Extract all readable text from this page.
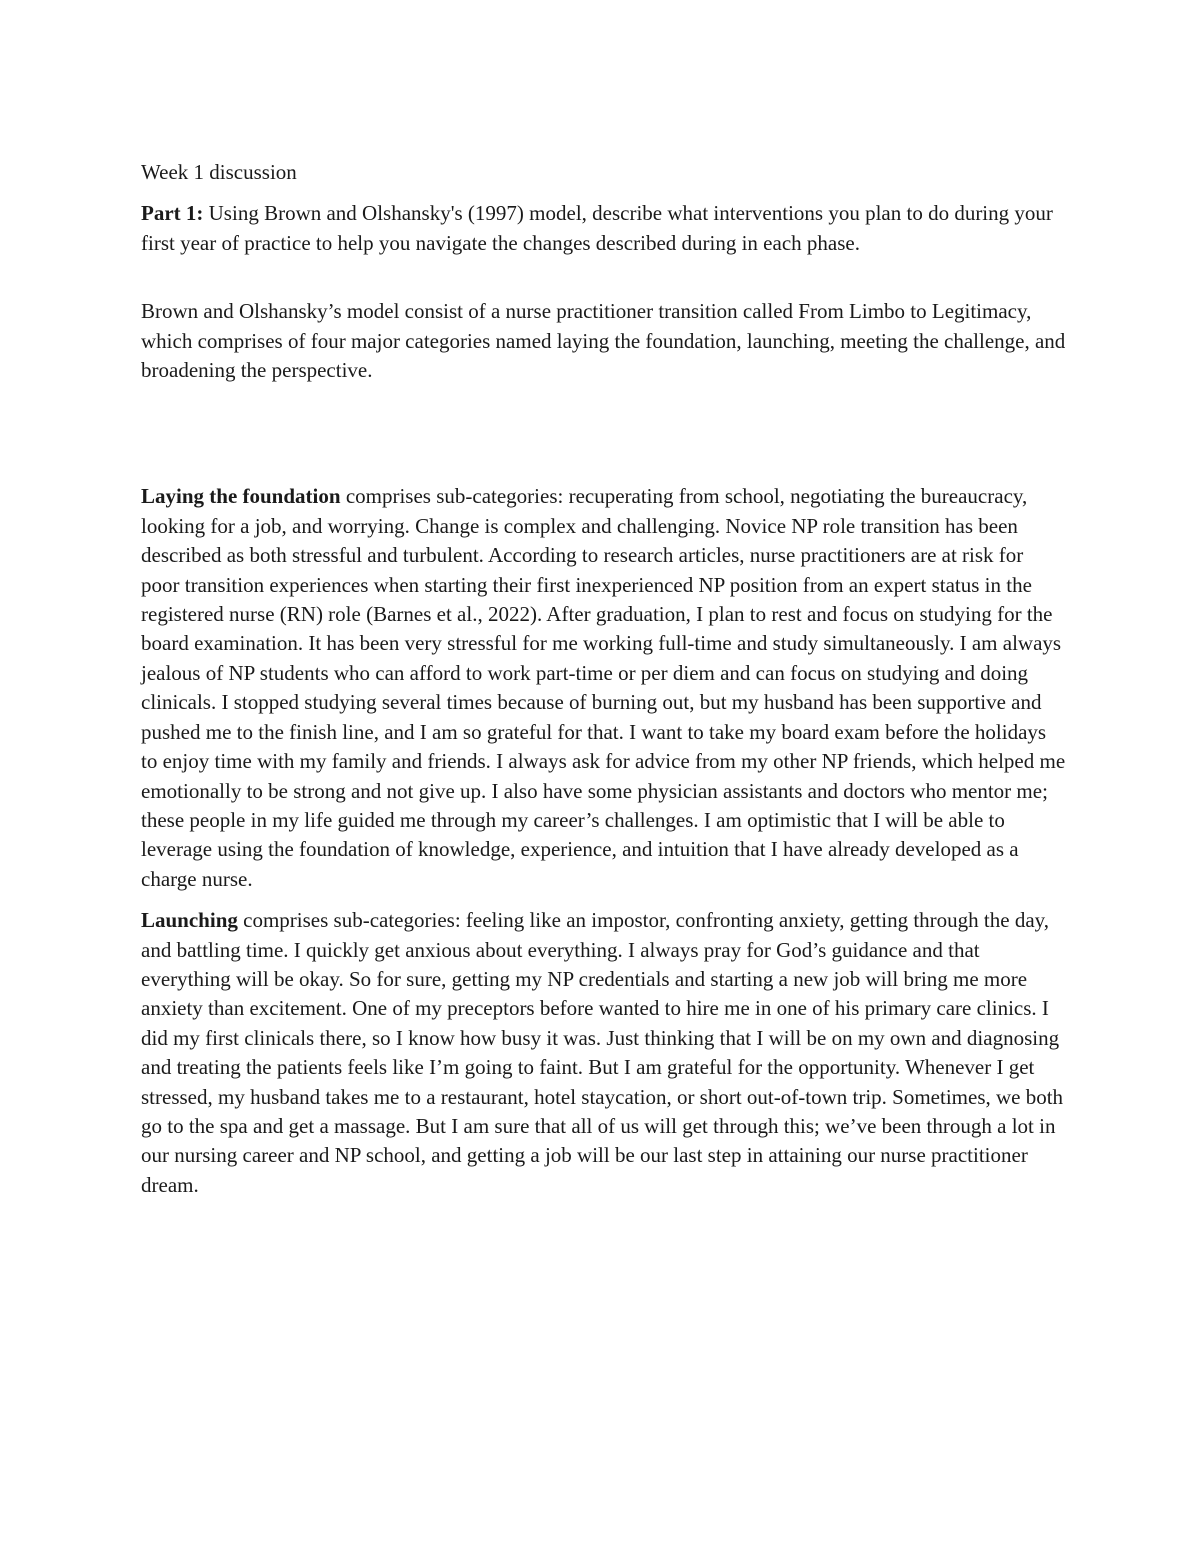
Week 1 discussion

Part 1: Using Brown and Olshansky's (1997) model, describe what interventions you plan to do during your first year of practice to help you navigate the changes described during in each phase.

Brown and Olshansky’s model consist of a nurse practitioner transition called From Limbo to Legitimacy, which comprises of four major categories named laying the foundation, launching, meeting the challenge, and broadening the perspective.

Laying the foundation comprises sub-categories: recuperating from school, negotiating the bureaucracy, looking for a job, and worrying. Change is complex and challenging. Novice NP role transition has been described as both stressful and turbulent. According to research articles, nurse practitioners are at risk for poor transition experiences when starting their first inexperienced NP position from an expert status in the registered nurse (RN) role (Barnes et al., 2022). After graduation, I plan to rest and focus on studying for the board examination. It has been very stressful for me working full-time and study simultaneously. I am always jealous of NP students who can afford to work part-time or per diem and can focus on studying and doing clinicals. I stopped studying several times because of burning out, but my husband has been supportive and pushed me to the finish line, and I am so grateful for that. I want to take my board exam before the holidays to enjoy time with my family and friends. I always ask for advice from my other NP friends, which helped me emotionally to be strong and not give up. I also have some physician assistants and doctors who mentor me; these people in my life guided me through my career’s challenges. I am optimistic that I will be able to leverage using the foundation of knowledge, experience, and intuition that I have already developed as a charge nurse.

Launching comprises sub-categories: feeling like an impostor, confronting anxiety, getting through the day, and battling time. I quickly get anxious about everything. I always pray for God’s guidance and that everything will be okay. So for sure, getting my NP credentials and starting a new job will bring me more anxiety than excitement. One of my preceptors before wanted to hire me in one of his primary care clinics. I did my first clinicals there, so I know how busy it was. Just thinking that I will be on my own and diagnosing and treating the patients feels like I’m going to faint. But I am grateful for the opportunity. Whenever I get stressed, my husband takes me to a restaurant, hotel staycation, or short out-of-town trip. Sometimes, we both go to the spa and get a massage. But I am sure that all of us will get through this; we’ve been through a lot in our nursing career and NP school, and getting a job will be our last step in attaining our nurse practitioner dream.
